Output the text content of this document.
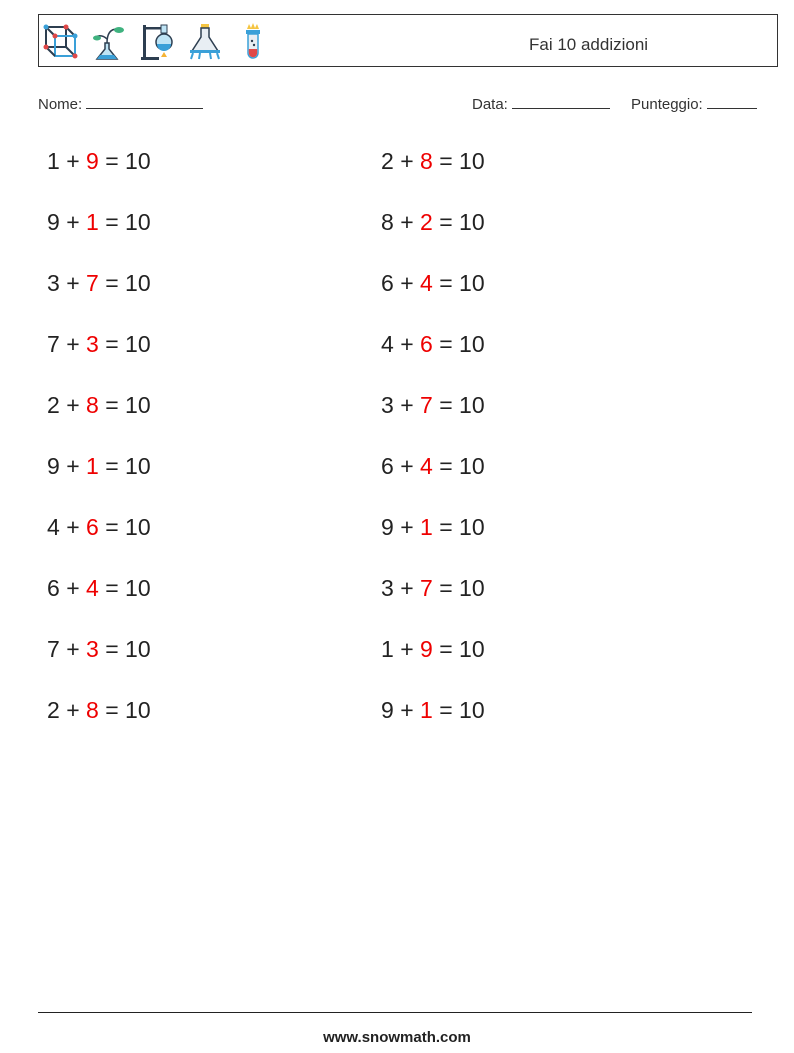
Fai 10 addizioni
Nome:	Data:	Punteggio:
1 + 9 = 10
9 + 1 = 10
3 + 7 = 10
7 + 3 = 10
2 + 8 = 10
9 + 1 = 10
4 + 6 = 10
6 + 4 = 10
7 + 3 = 10
2 + 8 = 10
2 + 8 = 10
8 + 2 = 10
6 + 4 = 10
4 + 6 = 10
3 + 7 = 10
6 + 4 = 10
9 + 1 = 10
3 + 7 = 10
1 + 9 = 10
9 + 1 = 10
www.snowmath.com
